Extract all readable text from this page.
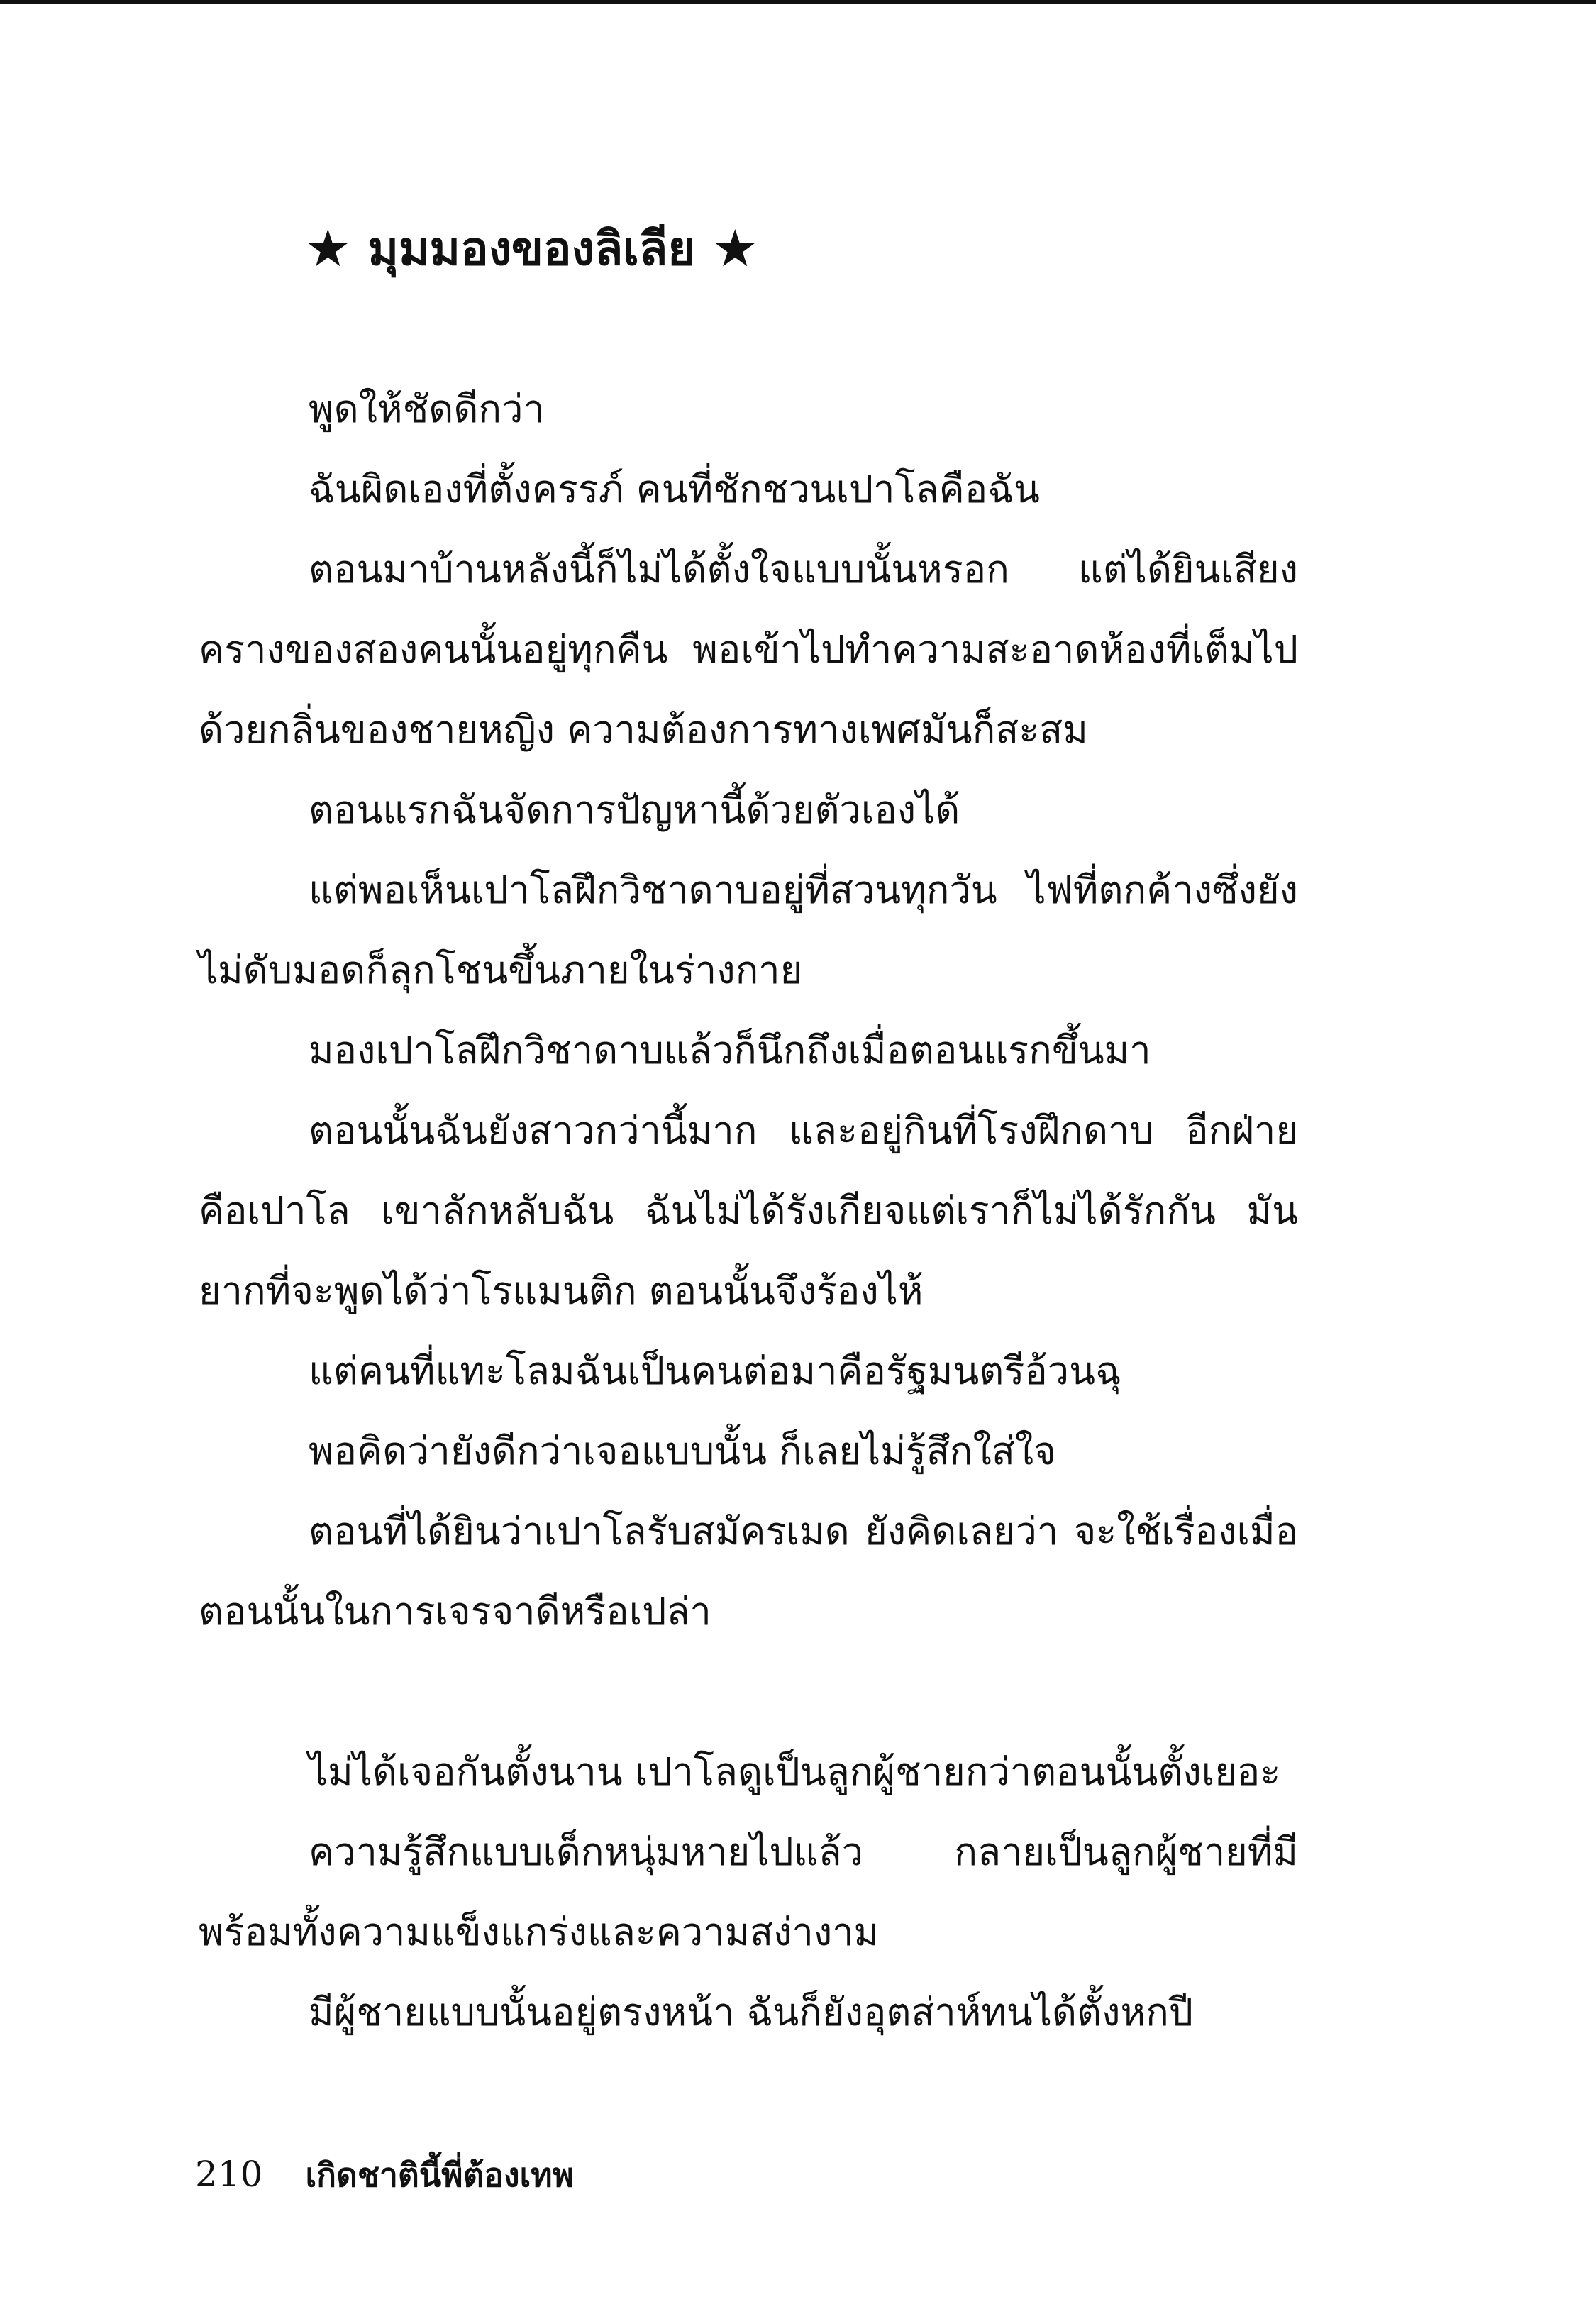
★ มุมมองของลิเลีย ★

พูดให้ชัดดีกว่า

ฉันผิดเองที่ตั้งครรภ์ คนที่ชักชวนเปาโลคือฉัน

ตอนมาบ้านหลังนี้ก็ไม่ได้ตั้งใจแบบนั้นหรอก แต่ได้ยินเสียงครางของสองคนนั้นอยู่ทุกคืน พอเข้าไปทำความสะอาดห้องที่เต็มไปด้วยกลิ่นของชายหญิง ความต้องการทางเพศมันก็สะสม

ตอนแรกฉันจัดการปัญหานี้ด้วยตัวเองได้

แต่พอเห็นเปาโลฝึกวิชาดาบอยู่ที่สวนทุกวัน ไฟที่ตกค้างซึ่งยังไม่ดับมอดก็ลุกโชนขึ้นภายในร่างกาย

มองเปาโลฝึกวิชาดาบแล้วก็นึกถึงเมื่อตอนแรกขึ้นมา

ตอนนั้นฉันยังสาวกว่านี้มาก และอยู่กินที่โรงฝึกดาบ อีกฝ่ายคือเปาโล เขาลักหลับฉัน ฉันไม่ได้รังเกียจแต่เราก็ไม่ได้รักกัน มันยากที่จะพูดได้ว่าโรแมนติก ตอนนั้นจึงร้องไห้

แต่คนที่แทะโลมฉันเป็นคนต่อมาคือรัฐมนตรีอ้วนฉุ

พอคิดว่ายังดีกว่าเจอแบบนั้น ก็เลยไม่รู้สึกใส่ใจ

ตอนที่ได้ยินว่าเปาโลรับสมัครเมด ยังคิดเลยว่า จะใช้เรื่องเมื่อตอนนั้นในการเจรจาดีหรือเปล่า

ไม่ได้เจอกันตั้งนาน เปาโลดูเป็นลูกผู้ชายกว่าตอนนั้นตั้งเยอะ

ความรู้สึกแบบเด็กหนุ่มหายไปแล้ว กลายเป็นลูกผู้ชายที่มีพร้อมทั้งความแข็งแกร่งและความสง่างาม

มีผู้ชายแบบนั้นอยู่ตรงหน้า ฉันก็ยังอุตส่าห์ทนได้ตั้งหกปี

210 เกิดชาตินี้พี่ต้องเทพ
